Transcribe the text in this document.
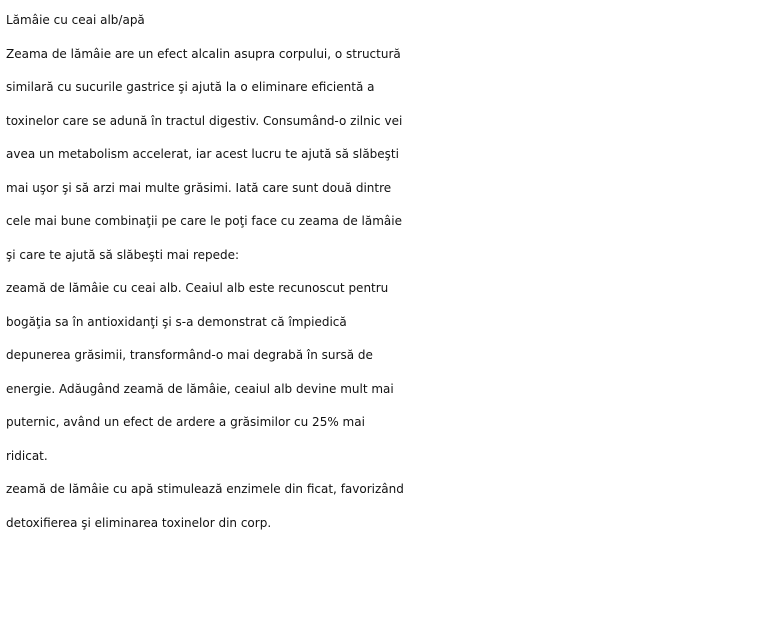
Lămâie cu ceai alb/apă
Zeama de lămâie are un efect alcalin asupra corpului, o structură
similară cu sucurile gastrice şi ajută la o eliminare eficientă a
toxinelor care se adună în tractul digestiv. Consumând-o zilnic vei
avea un metabolism accelerat, iar acest lucru te ajută să slăbeşti
mai uşor şi să arzi mai multe grăsimi. Iată care sunt două dintre
cele mai bune combinaţii pe care le poţi face cu zeama de lămâie
şi care te ajută să slăbeşti mai repede:
zeamă de lămâie cu ceai alb. Ceaiul alb este recunoscut pentru
bogăţia sa în antioxidanţi şi s-a demonstrat că împiedică
depunerea grăsimii, transformând-o mai degrabă în sursă de
energie. Adăugând zeamă de lămâie, ceaiul alb devine mult mai
puternic, având un efect de ardere a grăsimilor cu 25% mai
ridicat.
zeamă de lămâie cu apă stimulează enzimele din ficat, favorizând
detoxifierea şi eliminarea toxinelor din corp.
